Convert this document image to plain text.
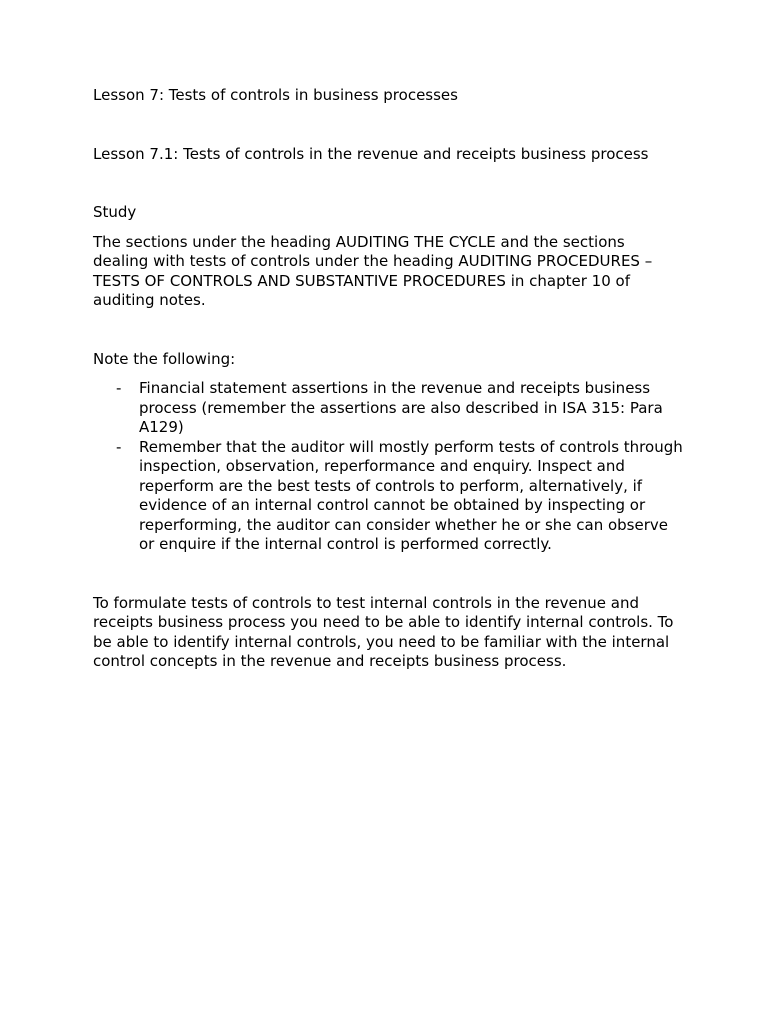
Lesson 7: Tests of controls in business processes

Lesson 7.1: Tests of controls in the revenue and receipts business process

Study

The sections under the heading AUDITING THE CYCLE and the sections dealing with tests of controls under the heading AUDITING PROCEDURES – TESTS OF CONTROLS AND SUBSTANTIVE PROCEDURES in chapter 10 of auditing notes.

Note the following:

- Financial statement assertions in the revenue and receipts business process (remember the assertions are also described in ISA 315: Para A129)
- Remember that the auditor will mostly perform tests of controls through inspection, observation, reperformance and enquiry. Inspect and reperform are the best tests of controls to perform, alternatively, if evidence of an internal control cannot be obtained by inspecting or reperforming, the auditor can consider whether he or she can observe or enquire if the internal control is performed correctly.

To formulate tests of controls to test internal controls in the revenue and receipts business process you need to be able to identify internal controls. To be able to identify internal controls, you need to be familiar with the internal control concepts in the revenue and receipts business process.
